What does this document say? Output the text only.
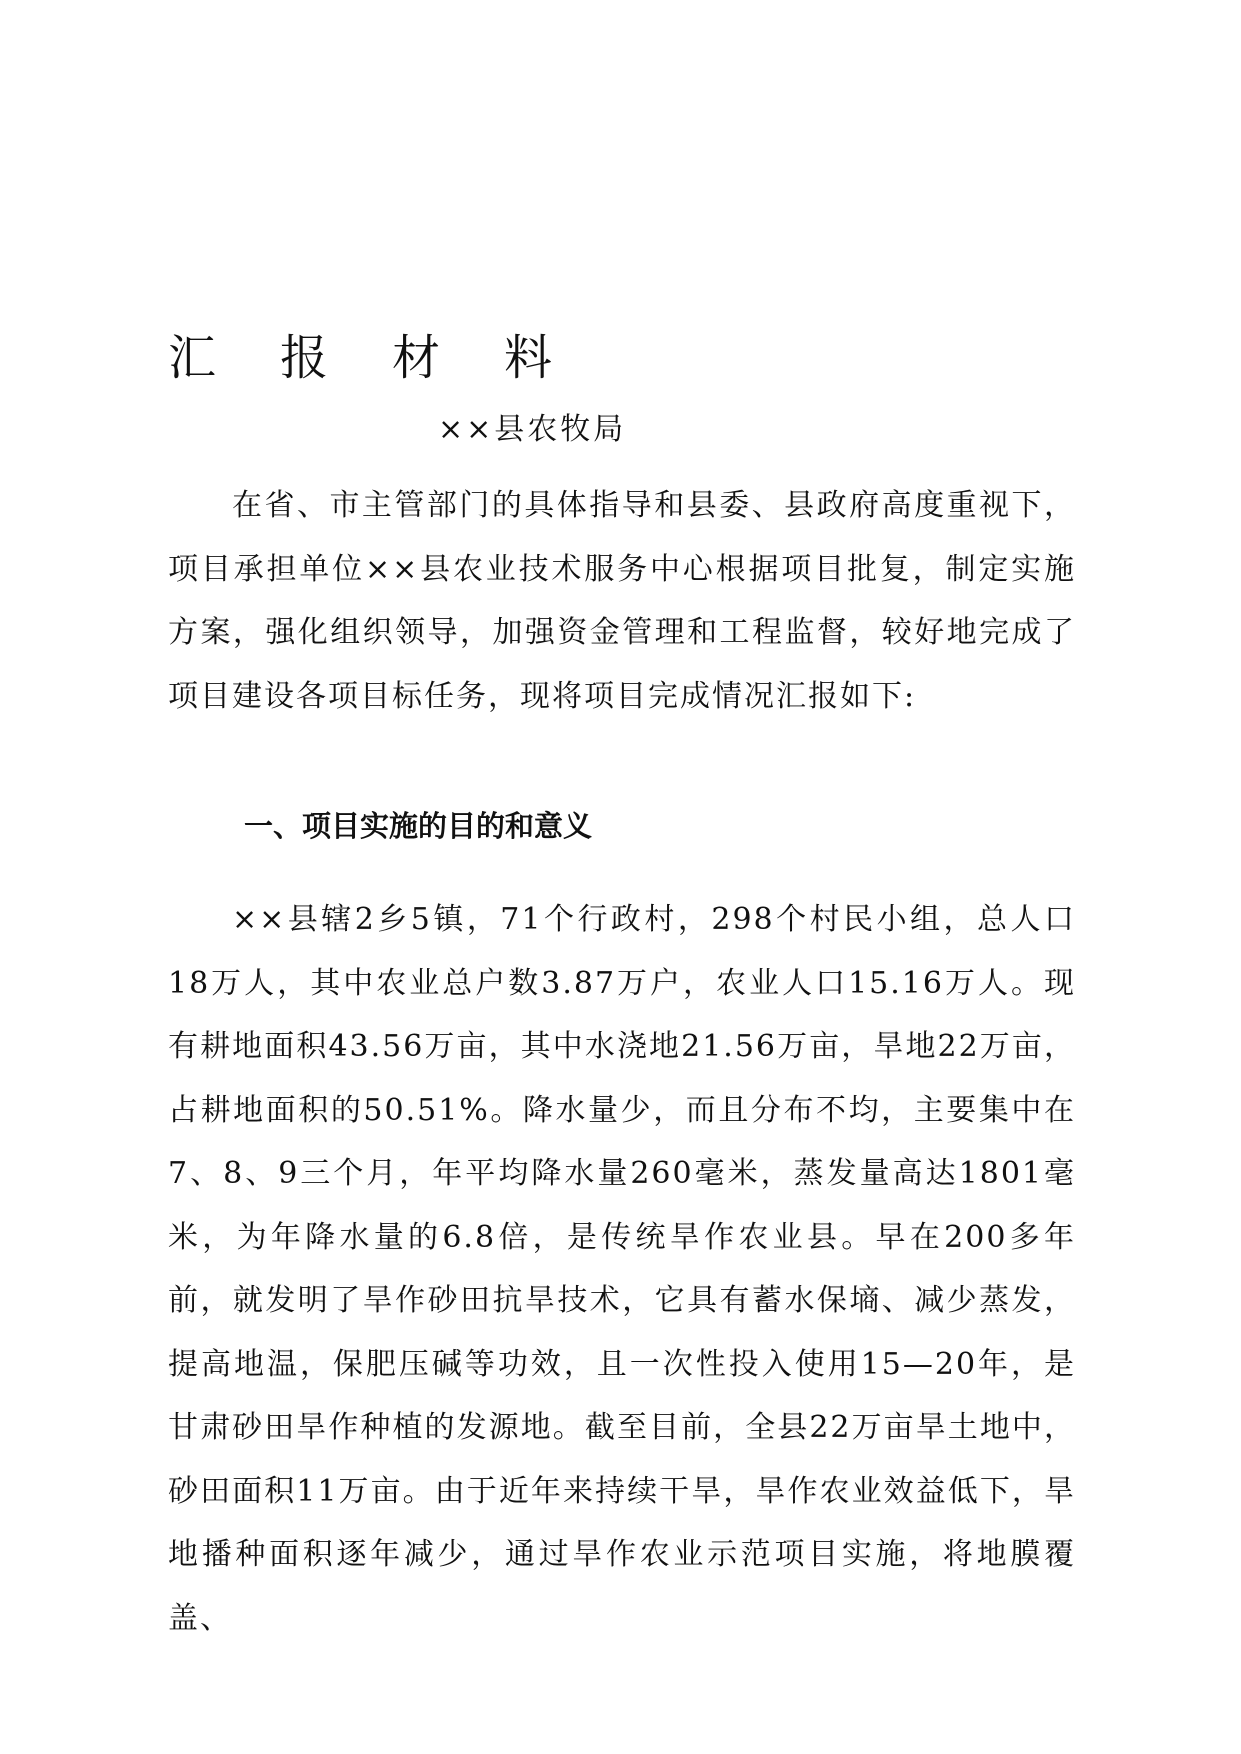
汇报材料

××县农牧局

在省、市主管部门的具体指导和县委、县政府高度重视下，项目承担单位××县农业技术服务中心根据项目批复，制定实施方案，强化组织领导，加强资金管理和工程监督，较好地完成了项目建设各项目标任务，现将项目完成情况汇报如下:

一、项目实施的目的和意义

××县辖2乡5镇，71个行政村，298个村民小组，总人口18万人，其中农业总户数3.87万户，农业人口15.16万人。现有耕地面积43.56万亩，其中水浇地21.56万亩，旱地22万亩，占耕地面积的50.51%。降水量少，而且分布不均，主要集中在7、8、9三个月，年平均降水量260毫米，蒸发量高达1801毫米，为年降水量的6.8倍，是传统旱作农业县。早在200多年前，就发明了旱作砂田抗旱技术，它具有蓄水保墒、减少蒸发，提高地温，保肥压碱等功效，且一次性投入使用15—20年，是甘肃砂田旱作种植的发源地。截至目前，全县22万亩旱土地中，砂田面积11万亩。由于近年来持续干旱，旱作农业效益低下，旱地播种面积逐年减少，通过旱作农业示范项目实施，将地膜覆盖、
